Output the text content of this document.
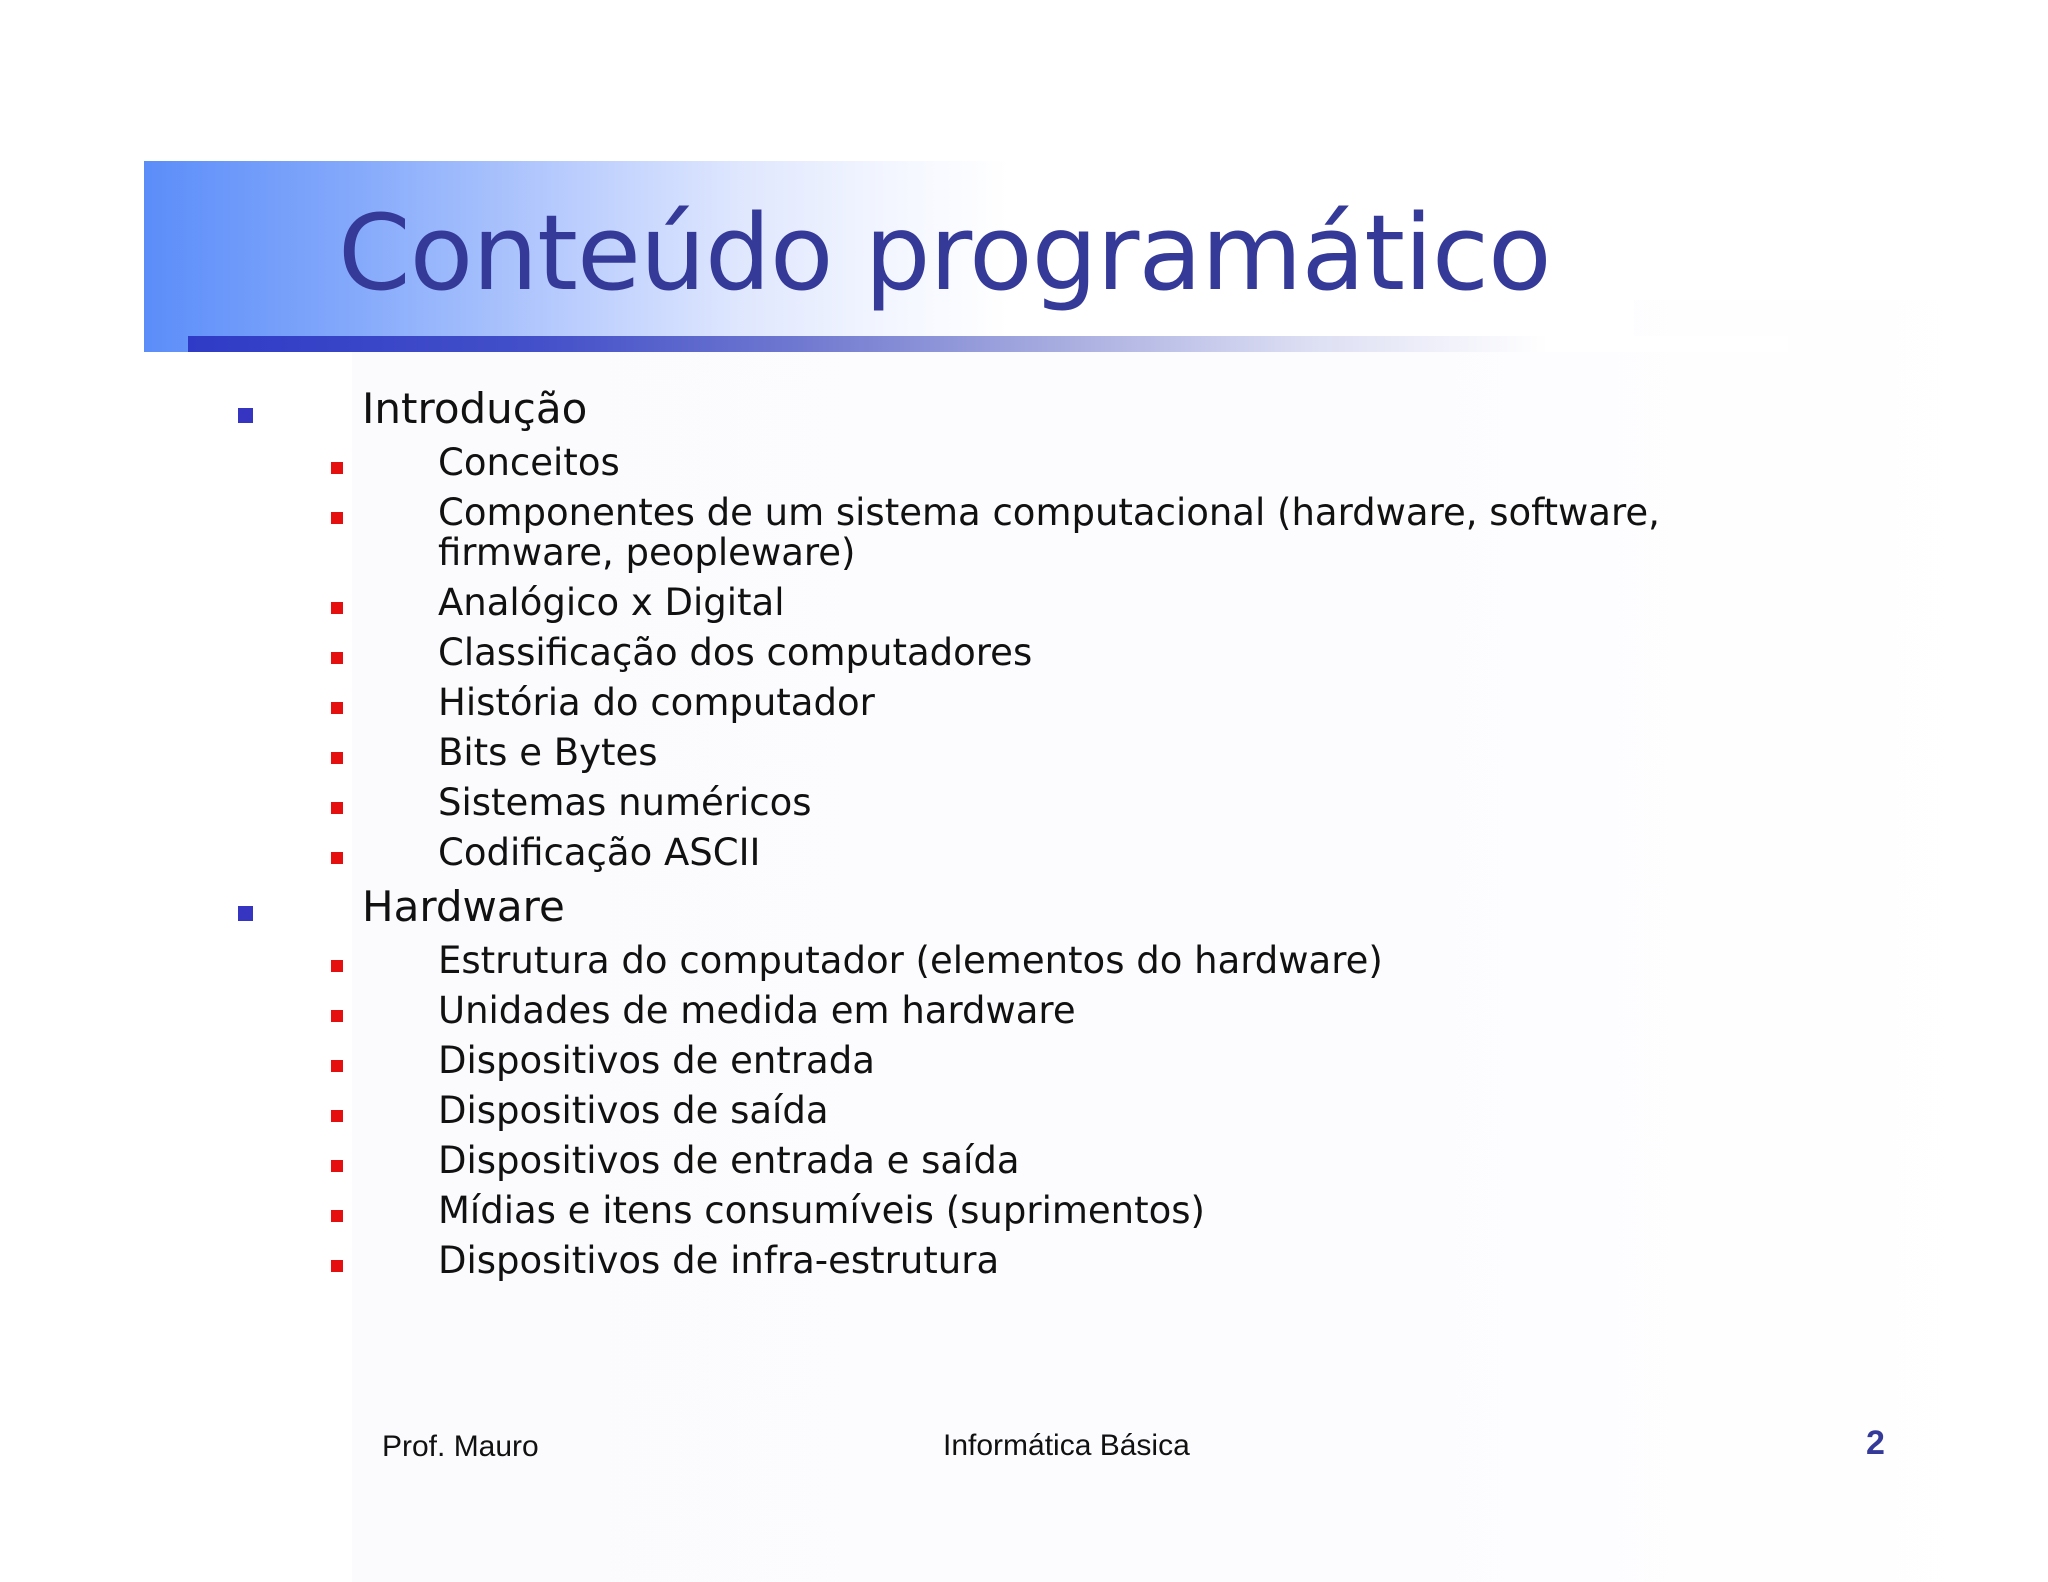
Conteúdo programático
Introdução
Conceitos
Componentes de um sistema computacional (hardware, software, firmware, peopleware)
Analógico x Digital
Classificação dos computadores
História do computador
Bits e Bytes
Sistemas numéricos
Codificação ASCII
Hardware
Estrutura do computador (elementos do hardware)
Unidades de medida em hardware
Dispositivos de entrada
Dispositivos de saída
Dispositivos de entrada e saída
Mídias e itens consumíveis (suprimentos)
Dispositivos de infra-estrutura
Prof. Mauro	Informática Básica	2
